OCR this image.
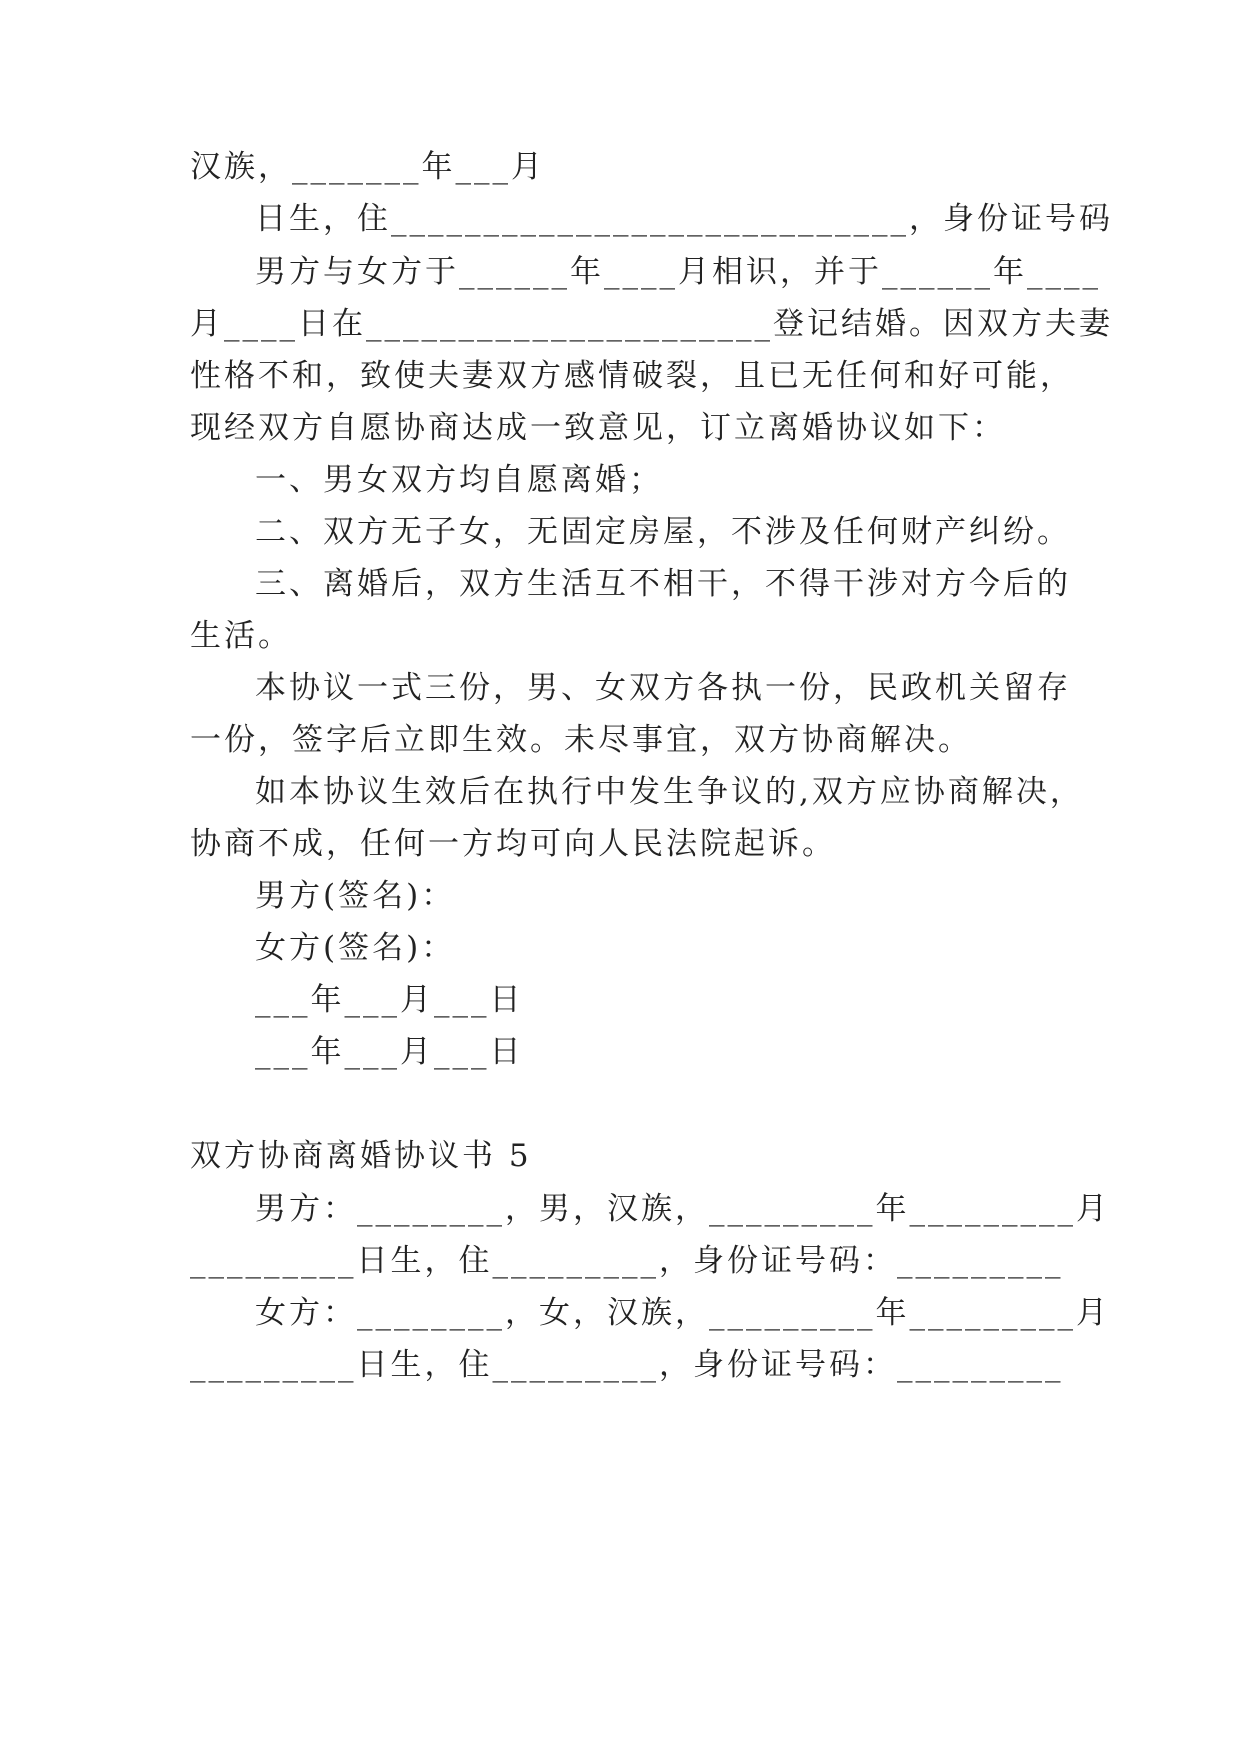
汉族，_______年___月
日生，住____________________________，身份证号码
男方与女方于______年____月相识，并于______年____
月____日在______________________登记结婚。因双方夫妻
性格不和，致使夫妻双方感情破裂，且已无任何和好可能，
现经双方自愿协商达成一致意见，订立离婚协议如下：
一、男女双方均自愿离婚；
二、双方无子女，无固定房屋，不涉及任何财产纠纷。
三、离婚后，双方生活互不相干，不得干涉对方今后的
生活。
本协议一式三份，男、女双方各执一份，民政机关留存
一份，签字后立即生效。未尽事宜，双方协商解决。
如本协议生效后在执行中发生争议的,双方应协商解决，
协商不成，任何一方均可向人民法院起诉。
男方(签名)：
女方(签名)：
___年___月___日
___年___月___日
双方协商离婚协议书 5
男方：________，男，汉族，_________年_________月
_________日生，住_________，身份证号码：_________
女方：________，女，汉族，_________年_________月
_________日生，住_________，身份证号码：_________
